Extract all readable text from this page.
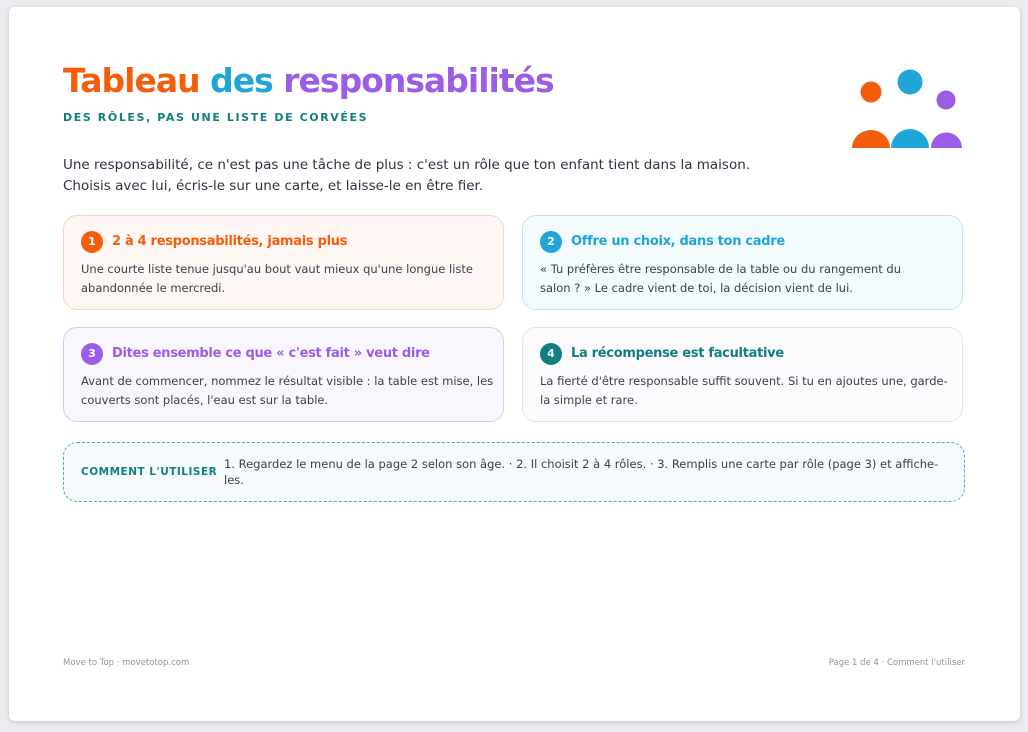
Tableau des responsabilités
DES RÔLES, PAS UNE LISTE DE CORVÉES
Une responsabilité, ce n'est pas une tâche de plus : c'est un rôle que ton enfant tient dans la maison.
Choisis avec lui, écris-le sur une carte, et laisse-le en être fier.
1	2 à 4 responsabilités, jamais plus
Une courte liste tenue jusqu'au bout vaut mieux qu'une longue liste
abandonnée le mercredi.
2	Offre un choix, dans ton cadre
« Tu préfères être responsable de la table ou du rangement du
salon ? » Le cadre vient de toi, la décision vient de lui.
3	Dites ensemble ce que « c'est fait » veut dire
Avant de commencer, nommez le résultat visible : la table est mise, les
couverts sont placés, l'eau est sur la table.
4	La récompense est facultative
La fierté d'être responsable suffit souvent. Si tu en ajoutes une, garde-
la simple et rare.
COMMENT L'UTILISER
1. Regardez le menu de la page 2 selon son âge. · 2. Il choisit 2 à 4 rôles. · 3. Remplis une carte par rôle (page 3) et affiche-
les.
Move to Top · movetotop.com	Page 1 de 4 · Comment l'utiliser
